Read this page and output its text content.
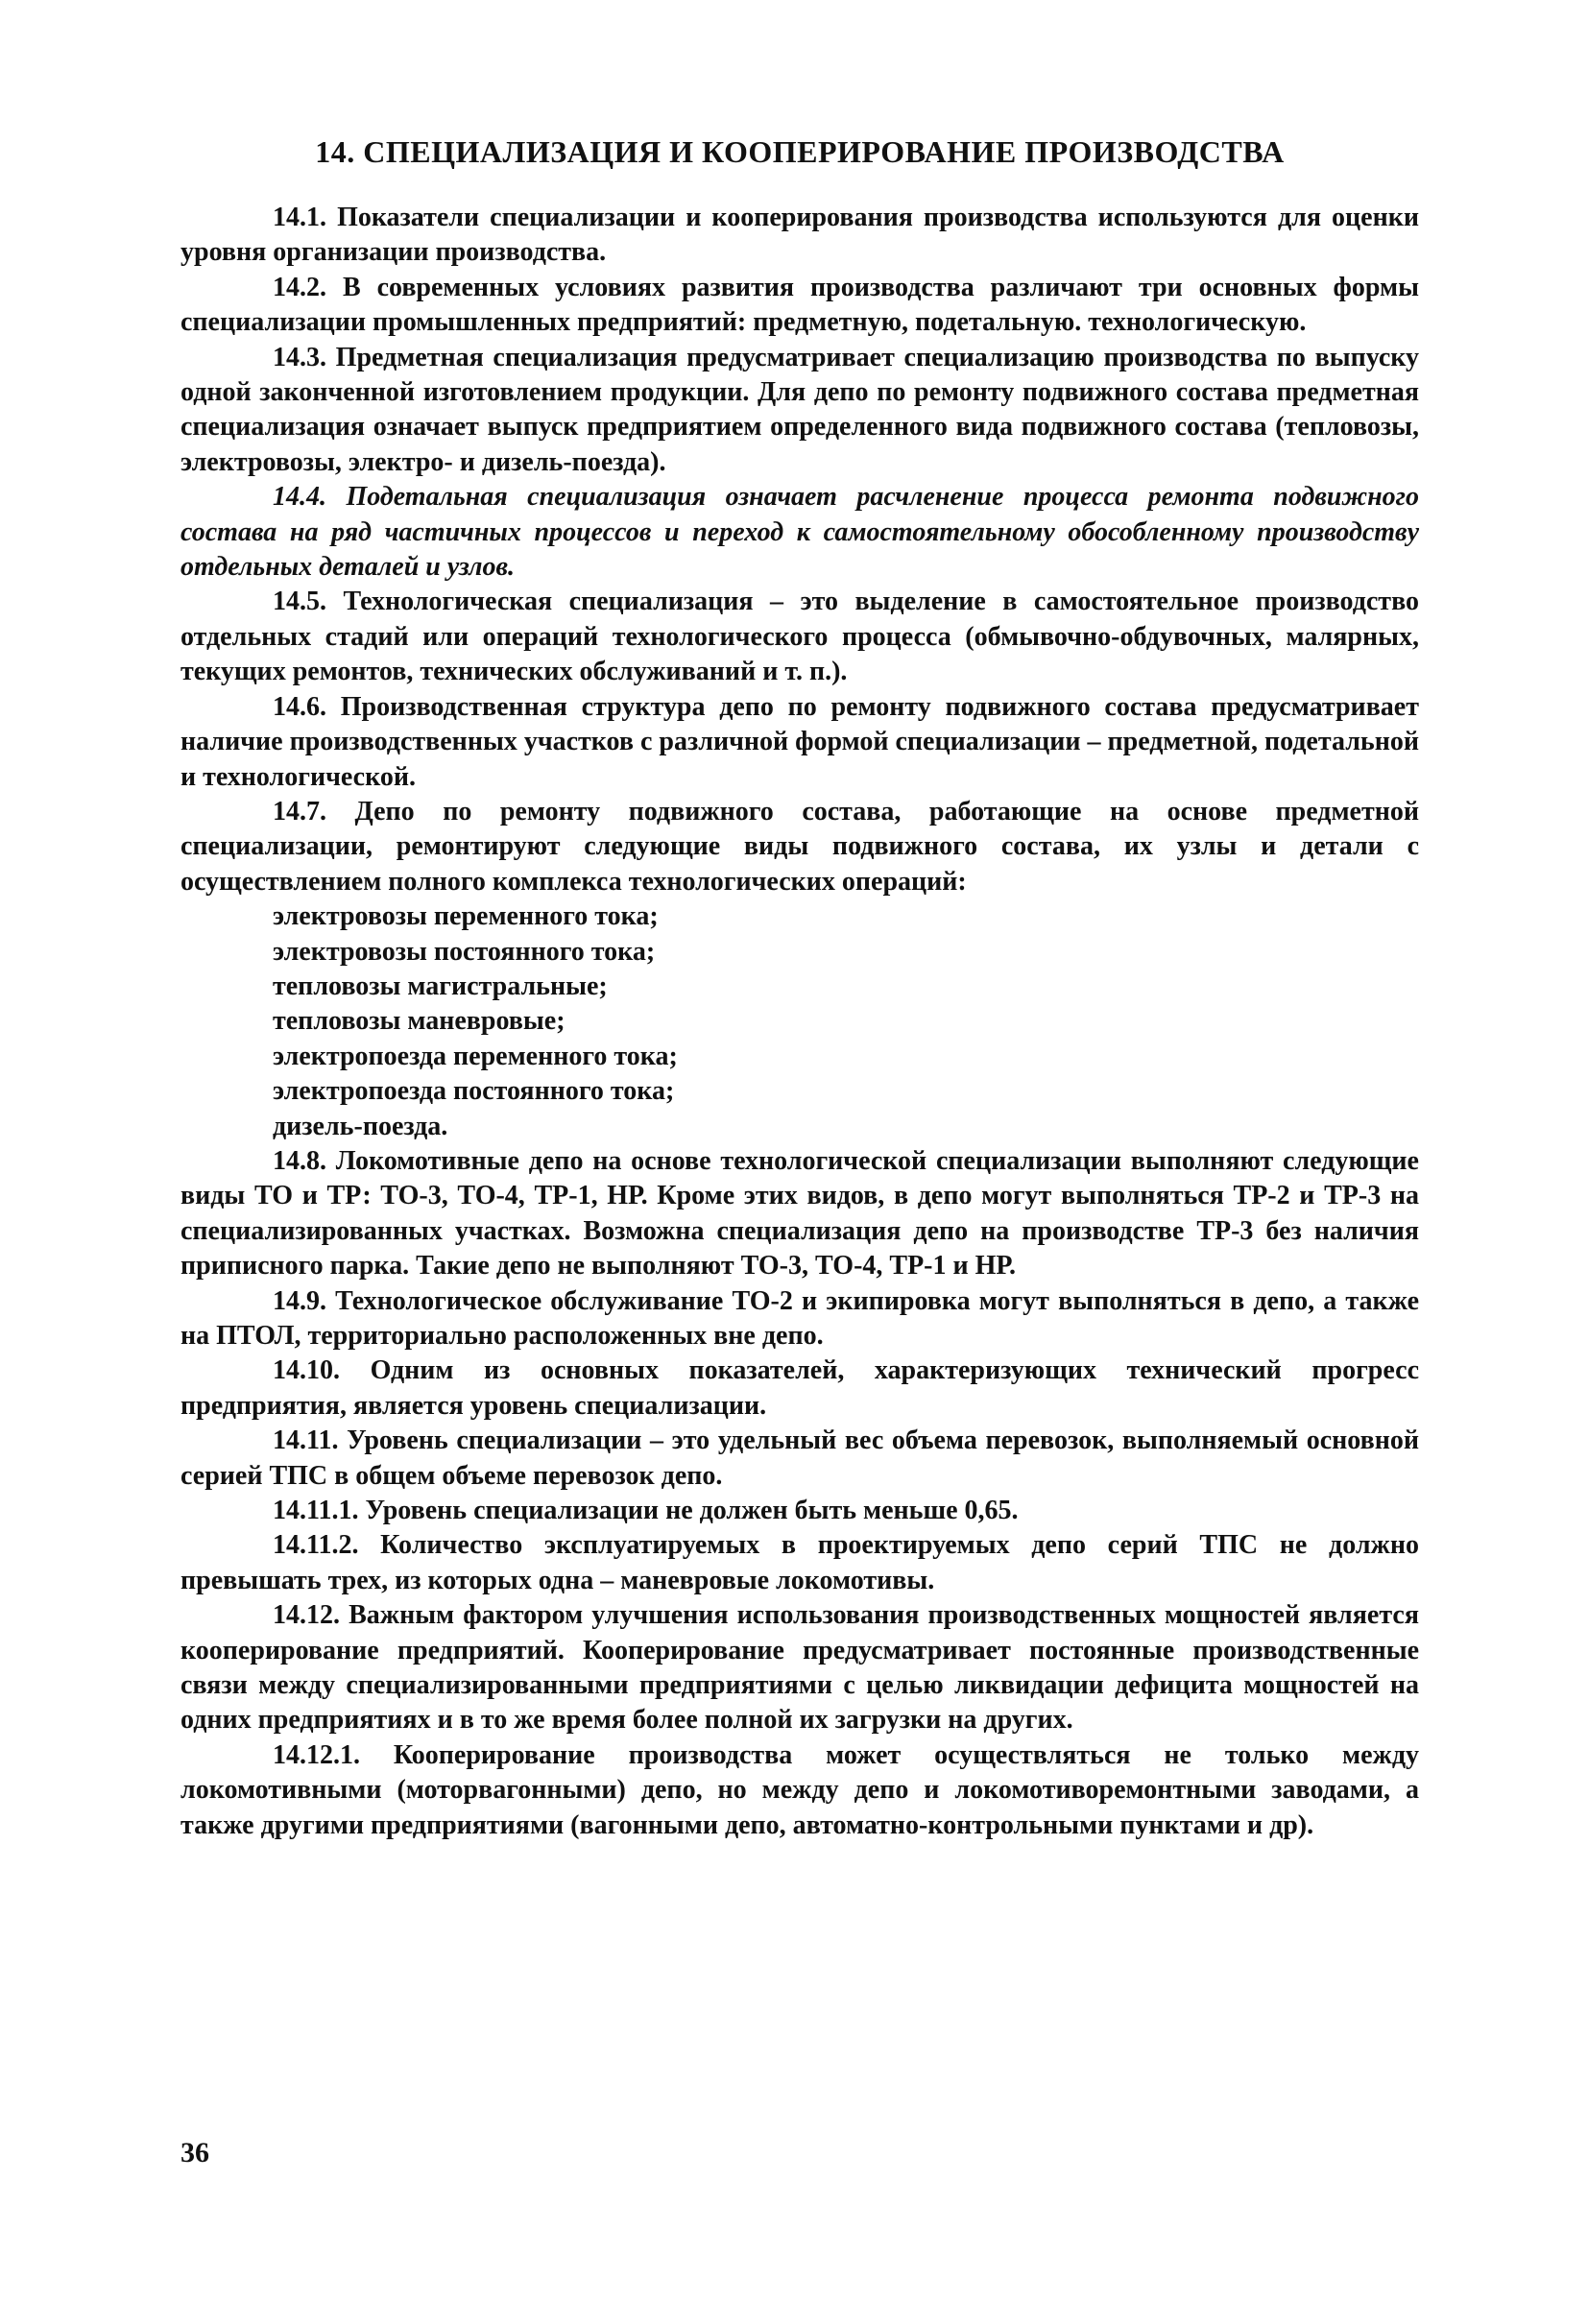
14. СПЕЦИАЛИЗАЦИЯ И КООПЕРИРОВАНИЕ ПРОИЗВОДСТВА

14.1. Показатели специализации и кооперирования производства используются для оценки уровня организации производства.

14.2. В современных условиях развития производства различают три основных формы специализации промышленных предприятий: предметную, подетальную. технологическую.

14.3. Предметная специализация предусматривает специализацию производства по выпуску одной законченной изготовлением продукции. Для депо по ремонту подвижного состава предметная специализация означает выпуск предприятием определенного вида подвижного состава (тепловозы, электровозы, электро- и дизель-поезда).

14.4. Подетальная специализация означает расчленение процесса ремонта подвижного состава на ряд частичных процессов и переход к самостоятельному обособленному производству отдельных деталей и узлов.

14.5. Технологическая специализация – это выделение в самостоятельное производство отдельных стадий или операций технологического процесса (обмывочно-обдувочных, малярных, текущих ремонтов, технических обслуживаний и т. п.).

14.6. Производственная структура депо по ремонту подвижного состава предусматривает наличие производственных участков с различной формой специализации – предметной, подетальной и технологической.

14.7. Депо по ремонту подвижного состава, работающие на основе предметной специализации, ремонтируют следующие виды подвижного состава, их узлы и детали с осуществлением полного комплекса технологических операций:

электровозы переменного тока;
электровозы постоянного тока;
тепловозы магистральные;
тепловозы маневровые;
электропоезда переменного тока;
электропоезда постоянного тока;
дизель-поезда.

14.8. Локомотивные депо на основе технологической специализации выполняют следующие виды ТО и ТР: ТО-3, ТО-4, ТР-1, НР. Кроме этих видов, в депо могут выполняться ТР-2 и ТР-3 на специализированных участках. Возможна специализация депо на производстве ТР-3 без наличия приписного парка. Такие депо не выполняют ТО-3, ТО-4, ТР-1 и НР.

14.9. Технологическое обслуживание ТО-2 и экипировка могут выполняться в депо, а также на ПТОЛ, территориально расположенных вне депо.

14.10. Одним из основных показателей, характеризующих технический прогресс предприятия, является уровень специализации.

14.11. Уровень специализации – это удельный вес объема перевозок, выполняемый основной серией ТПС в общем объеме перевозок депо.

14.11.1. Уровень специализации не должен быть меньше 0,65.

14.11.2. Количество эксплуатируемых в проектируемых депо серий ТПС не должно превышать трех, из которых одна – маневровые локомотивы.

14.12. Важным фактором улучшения использования производственных мощностей является кооперирование предприятий. Кооперирование предусматривает постоянные производственные связи между специализированными предприятиями с целью ликвидации дефицита мощностей на одних предприятиях и в то же время более полной их загрузки на других.

14.12.1. Кооперирование производства может осуществляться не только между локомотивными (моторвагонными) депо, но между депо и локомотиворемонтными заводами, а также другими предприятиями (вагонными депо, автоматно-контрольными пунктами и др).

36
